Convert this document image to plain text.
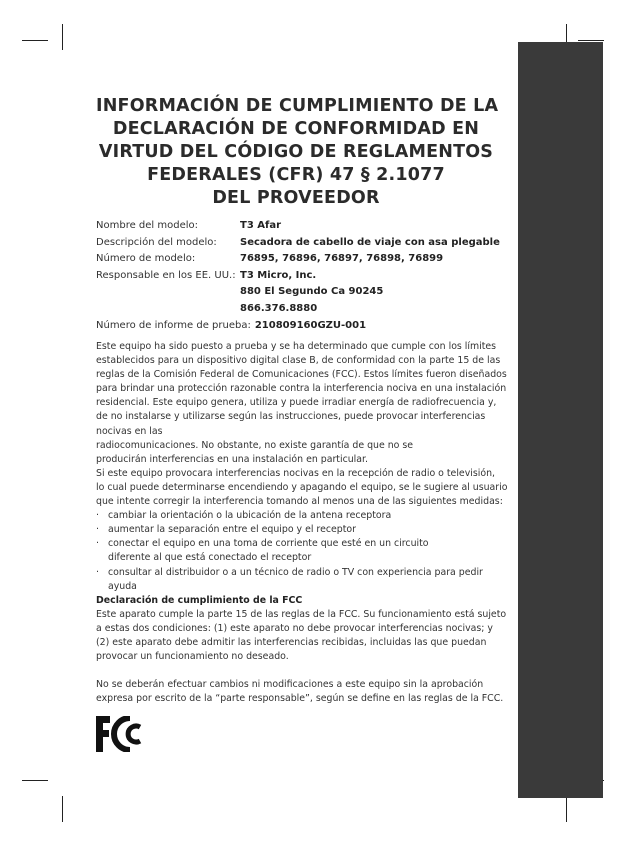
INFORMACIÓN DE CUMPLIMIENTO DE LA
DECLARACIÓN DE CONFORMIDAD EN
VIRTUD DEL CÓDIGO DE REGLAMENTOS
FEDERALES (CFR) 47 § 2.1077
DEL PROVEEDOR
Nombre del modelo:	T3 Afar
Descripción del modelo:	Secadora de cabello de viaje con asa plegable
Número de modelo:	76895, 76896, 76897, 76898, 76899
Responsable en los EE. UU.: T3 Micro, Inc.
880 El Segundo Ca 90245
866.376.8880
Número de informe de prueba: 210809160GZU-001

Este equipo ha sido puesto a prueba y se ha determinado que cumple con los límites

establecidos para un dispositivo digital clase B, de conformidad con la parte 15 de las

reglas de la Comisión Federal de Comunicaciones (FCC). Estos límites fueron diseñados

para brindar una protección razonable contra la interferencia nociva en una instalación

residencial. Este equipo genera, utiliza y puede irradiar energía de radiofrecuencia y,

de no instalarse y utilizarse según las instrucciones, puede provocar interferencias

nocivas en las

radiocomunicaciones. No obstante, no existe garantía de que no se

producirán interferencias en una instalación en particular.

Si este equipo provocara interferencias nocivas en la recepción de radio o televisión,

lo cual puede determinarse encendiendo y apagando el equipo, se le sugiere al usuario

que intente corregir la interferencia tomando al menos una de las siguientes medidas:

· cambiar la orientación o la ubicación de la antena receptora
· aumentar la separación entre el equipo y el receptor
· conectar el equipo en una toma de corriente que esté en un circuito
diferente al que está conectado el receptor
· consultar al distribuidor o a un técnico de radio o TV con experiencia para pedir
ayuda

Declaración de cumplimiento de la FCC

Este aparato cumple la parte 15 de las reglas de la FCC. Su funcionamiento está sujeto

a estas dos condiciones: (1) este aparato no debe provocar interferencias nocivas; y

(2) este aparato debe admitir las interferencias recibidas, incluidas las que puedan

provocar un funcionamiento no deseado.

No se deberán efectuar cambios ni modificaciones a este equipo sin la aprobación

expresa por escrito de la “parte responsable”, según se define en las reglas de la FCC.
